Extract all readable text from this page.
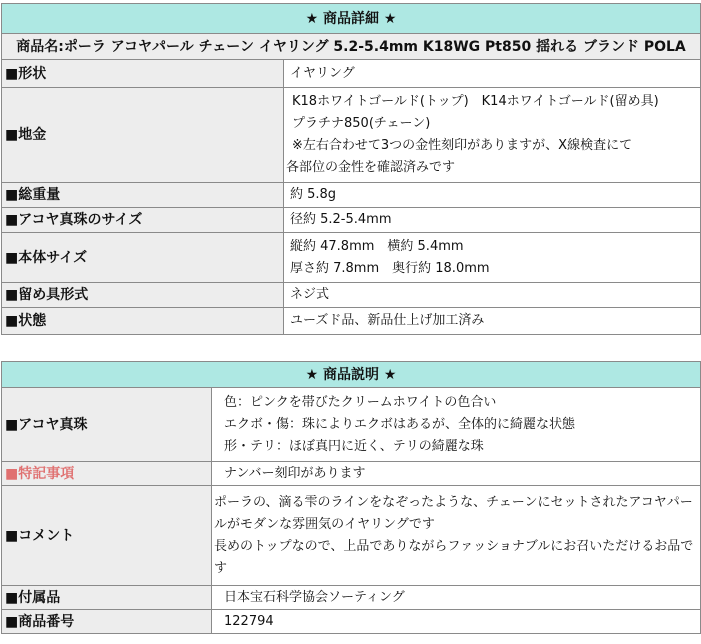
★ 商品詳細 ★	
商品名:ポーラ アコヤパール チェーン イヤリング 5.2-5.4mm K18WG Pt850 揺れる ブランド POLA	
■形状	イヤリング

■地金	K18ホワイトゴールド(トップ)　K14ホワイトゴールド(留め具)
プラチナ850(チェーン)
※左右合わせて3つの金性刻印がありますが、X線検査にて
各部位の金性を確認済みです

■総重量	約 5.8g

■アコヤ真珠のサイズ	径約 5.2-5.4mm

■本体サイズ	縦約 47.8mm　横約 5.4mm
厚さ約 7.8mm　奥行約 18.0mm

■留め具形式	ネジ式

■状態	ユーズド品、新品仕上げ加工済み
★ 商品説明 ★	
■アコヤ真珠	色：ピンクを帯びたクリームホワイトの色合い
エクボ・傷：珠によりエクボはあるが、全体的に綺麗な状態
形・テリ：ほぼ真円に近く、テリの綺麗な珠

■特記事項	ナンバー刻印があります

■コメント	ポーラの、滴る雫のラインをなぞったような、チェーンにセットされたアコヤパールがモダンな雰囲気のイヤリングです
長めのトップなので、上品でありながらファッショナブルにお召いただけるお品です

■付属品	日本宝石科学協会ソーティング

■商品番号	122794
